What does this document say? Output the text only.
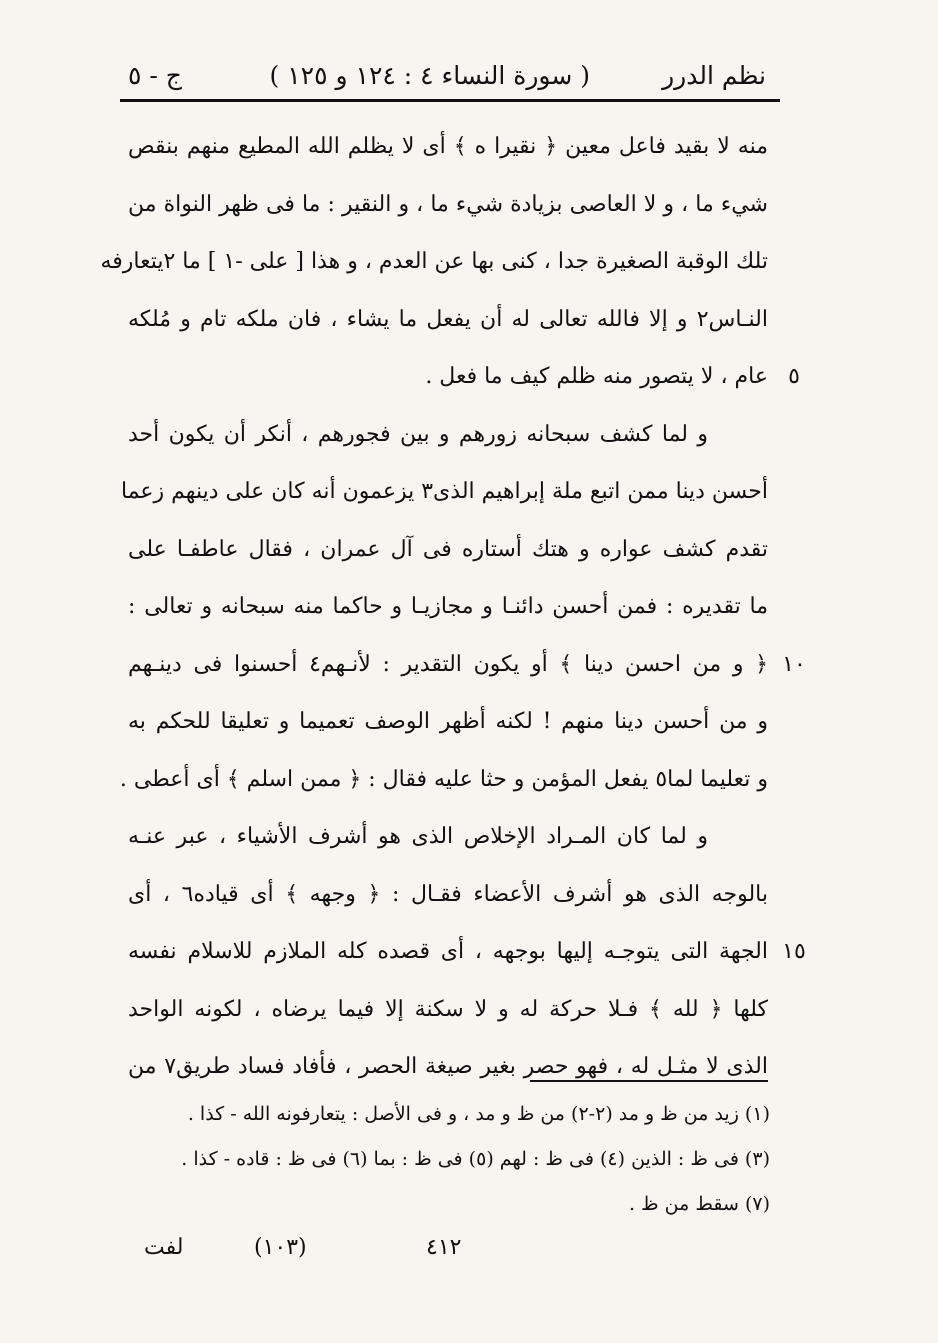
نظم الدرر
( سورة النساء ٤ : ١٢٤ و ١٢٥ )
ج - ٥
منه لا بقيد فاعل معين ﴿ نقيرا ه ﴾ أى لا يظلم الله المطيع منهم بنقص
شيء ما ، و لا العاصى بزيادة شيء ما ، و النقير : ما فى ظهر النواة من
تلك الوقبة الصغيرة جدا ، كنى بها عن العدم ، و هذا [ على -١ ] ما ٢يتعارفه
النـاس٢ و إلا فالله تعالى له أن يفعل ما يشاء ، فان ملكه تام و مُلكه
عام ، لا يتصور منه ظلم كيف ما فعل .
و لما كشف سبحانه زورهم و بين فجورهم ، أنكر أن يكون أحد
أحسن دينا ممن اتبع ملة إبراهيم الذى٣ يزعمون أنه كان على دينهم زعما
تقدم كشف عواره و هتك أستاره فى آل عمران ، فقال عاطفـا على
ما تقديره : فمن أحسن دائنـا و مجازيـا و حاكما منه سبحانه و تعالى :
﴿ و من احسن دينا ﴾ أو يكون التقدير : لأنـهم٤ أحسنوا فى دينـهم
و من أحسن دينا منهم ! لكنه أظهر الوصف تعميما و تعليقا للحكم به
و تعليما لما٥ يفعل المؤمن و حثا عليه فقال : ﴿ ممن اسلم ﴾ أى أعطى .
و لما كان المـراد الإخلاص الذى هو أشرف الأشياء ، عبر عنـه
بالوجه الذى هو أشرف الأعضاء فقـال : ﴿ وجهه ﴾ أى قياده٦ ، أى
الجهة التى يتوجـه إليها بوجهه ، أى قصده كله الملازم للاسلام نفسه
كلها ﴿ لله ﴾ فـلا حركة له و لا سكنة إلا فيما يرضاه ، لكونه الواحد
الذى لا مثـل له ، فهو حصر بغير صيغة الحصر ، فأفاد فساد طريق٧ من
٥
١٠
١٥
(١) زيد من ظ و مد (٢-٢) من ظ و مد ، و فى الأصل : يتعارفونه الله - كذا .
(٣) فى ظ : الذين (٤) فى ظ : لهم (٥) فى ظ : بما (٦) فى ظ : قاده - كذا .
(٧) سقط من ظ .
لفت	(١٠٣)	٤١٢
